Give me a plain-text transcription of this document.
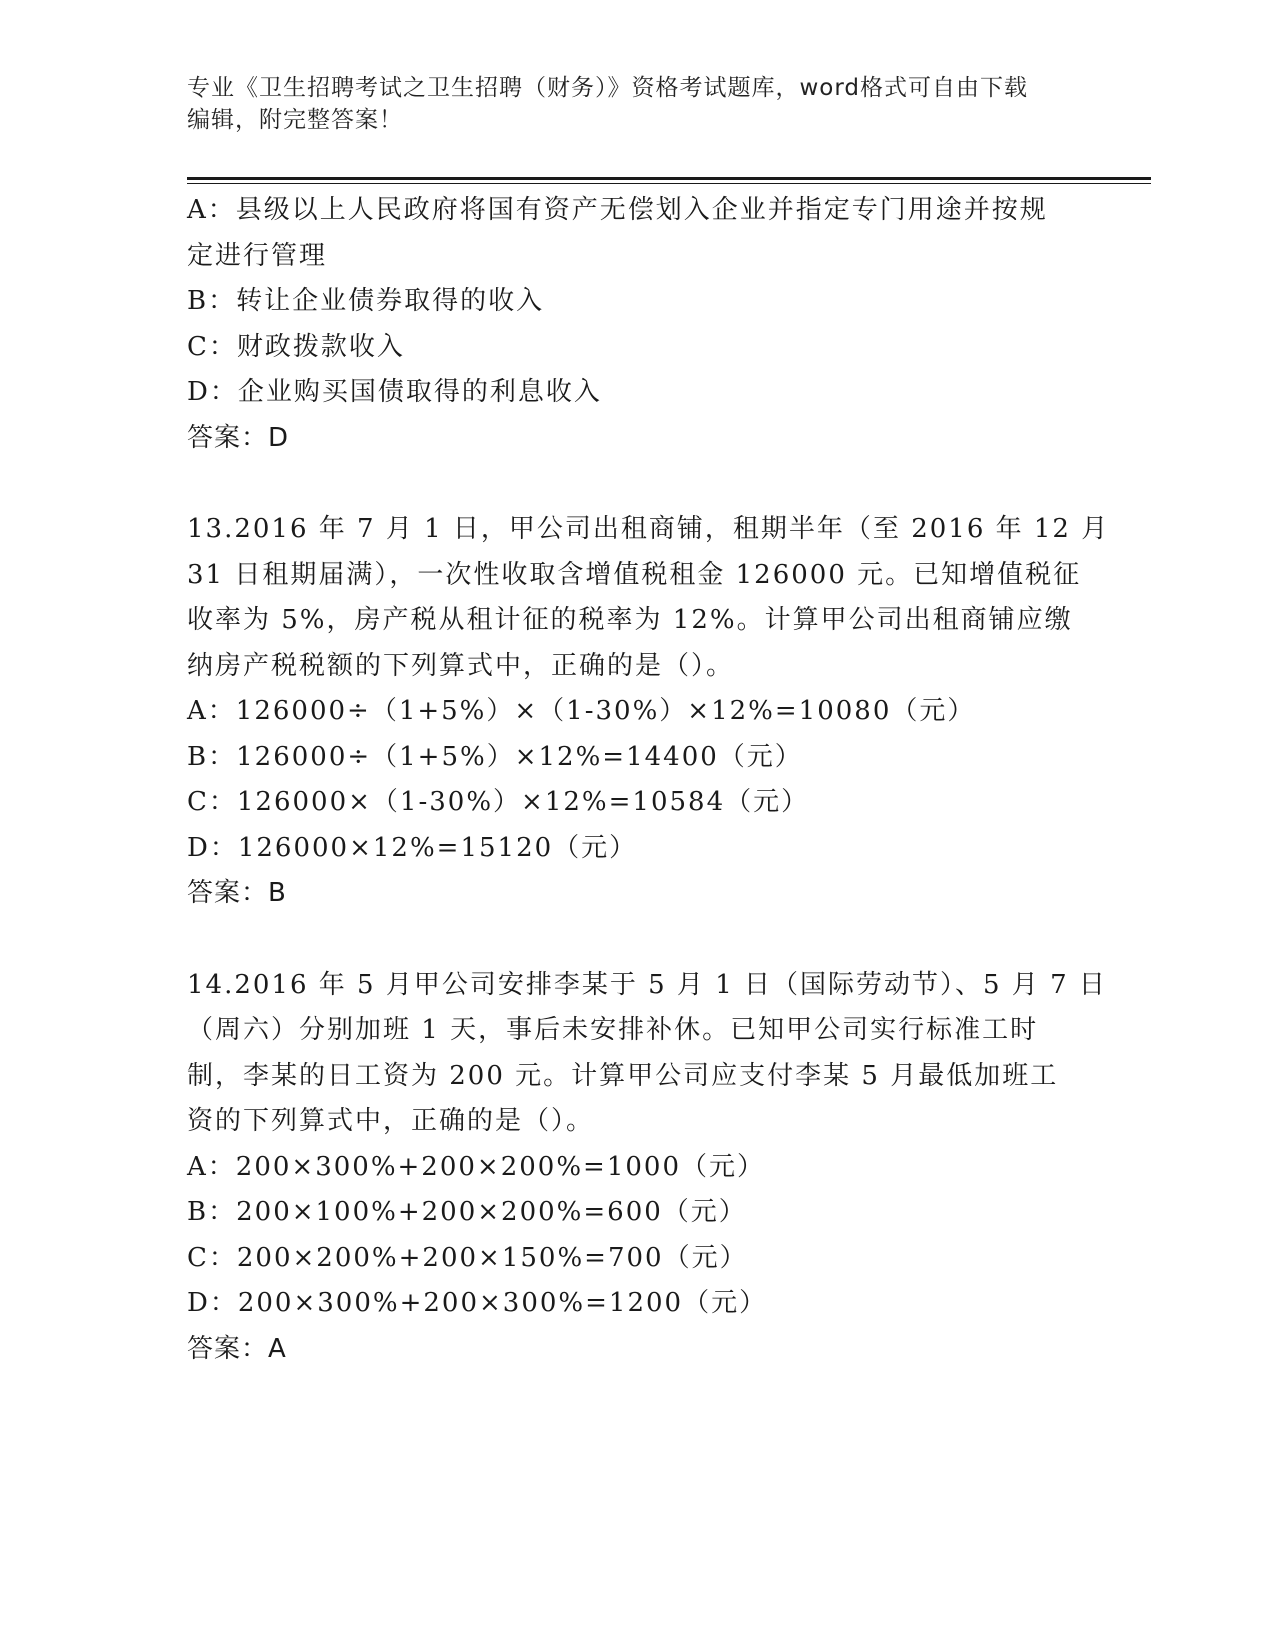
专业《卫生招聘考试之卫生招聘（财务）》资格考试题库，word格式可自由下载
编辑，附完整答案！
A：县级以上人民政府将国有资产无偿划入企业并指定专门用途并按规
定进行管理
B：转让企业债券取得的收入
C：财政拨款收入
D：企业购买国债取得的利息收入
答案：D
13.2016 年 7 月 1 日，甲公司出租商铺，租期半年（至 2016 年 12 月
31 日租期届满），一次性收取含增值税租金 126000 元。已知增值税征
收率为 5%，房产税从租计征的税率为 12%。计算甲公司出租商铺应缴
纳房产税税额的下列算式中，正确的是（）。
A：126000÷（1+5%）×（1-30%）×12%=10080（元）
B：126000÷（1+5%）×12%=14400（元）
C：126000×（1-30%）×12%=10584（元）
D：126000×12%=15120（元）
答案：B
14.2016 年 5 月甲公司安排李某于 5 月 1 日（国际劳动节）、5 月 7 日
（周六）分别加班 1 天，事后未安排补休。已知甲公司实行标准工时
制，李某的日工资为 200 元。计算甲公司应支付李某 5 月最低加班工
资的下列算式中，正确的是（）。
A：200×300%+200×200%=1000（元）
B：200×100%+200×200%=600（元）
C：200×200%+200×150%=700（元）
D：200×300%+200×300%=1200（元）
答案：A
